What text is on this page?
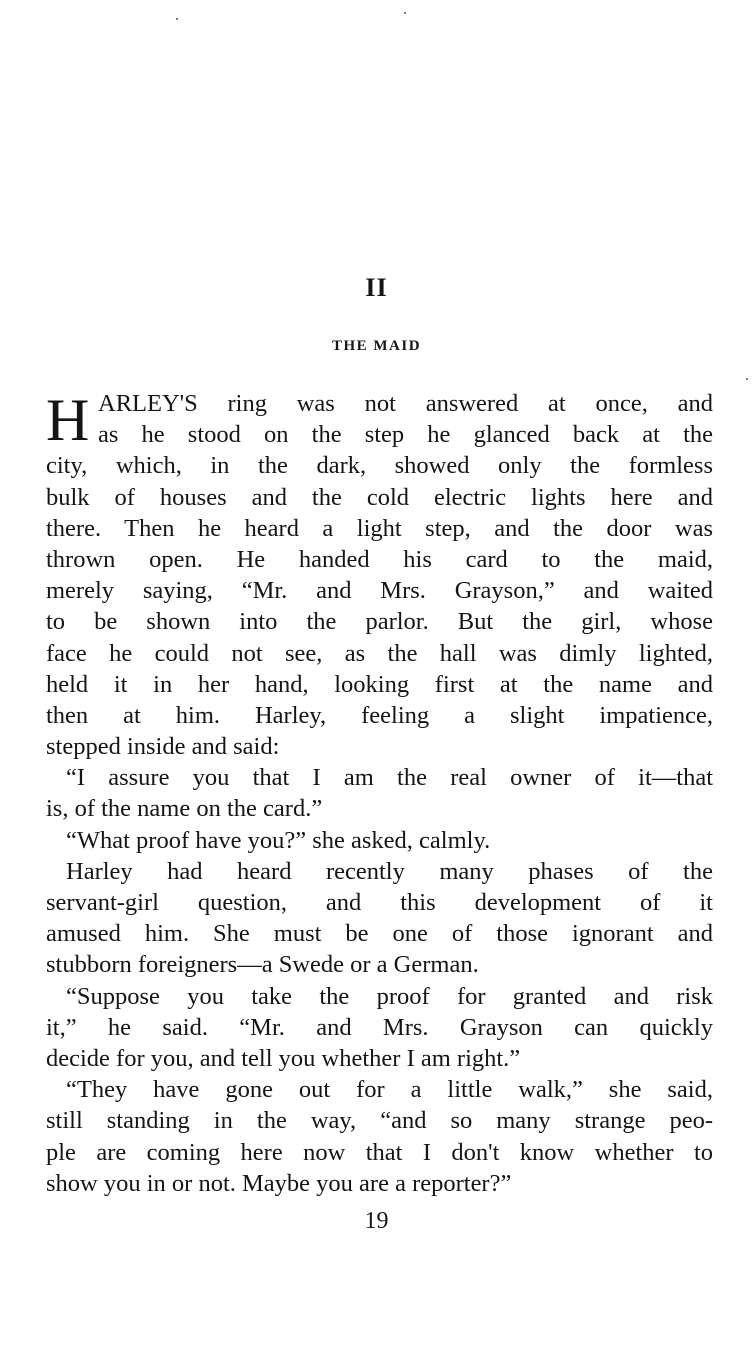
II
THE MAID
H ARLEY'S ring was not answered at once, and
as he stood on the step he glanced back at the
city, which, in the dark, showed only the formless
bulk of houses and the cold electric lights here and
there. Then he heard a light step, and the door was
thrown open. He handed his card to the maid,
merely saying, “Mr. and Mrs. Grayson,” and waited
to be shown into the parlor. But the girl, whose
face he could not see, as the hall was dimly lighted,
held it in her hand, looking first at the name and
then at him. Harley, feeling a slight impatience,
stepped inside and said:
“I assure you that I am the real owner of it—that
is, of the name on the card.”
“What proof have you?” she asked, calmly.
Harley had heard recently many phases of the
servant-girl question, and this development of it
amused him. She must be one of those ignorant and
stubborn foreigners—a Swede or a German.
“Suppose you take the proof for granted and risk
it,” he said. “Mr. and Mrs. Grayson can quickly
decide for you, and tell you whether I am right.”
“They have gone out for a little walk,” she said,
still standing in the way, “and so many strange peo-
ple are coming here now that I don't know whether to
show you in or not. Maybe you are a reporter?”
19
